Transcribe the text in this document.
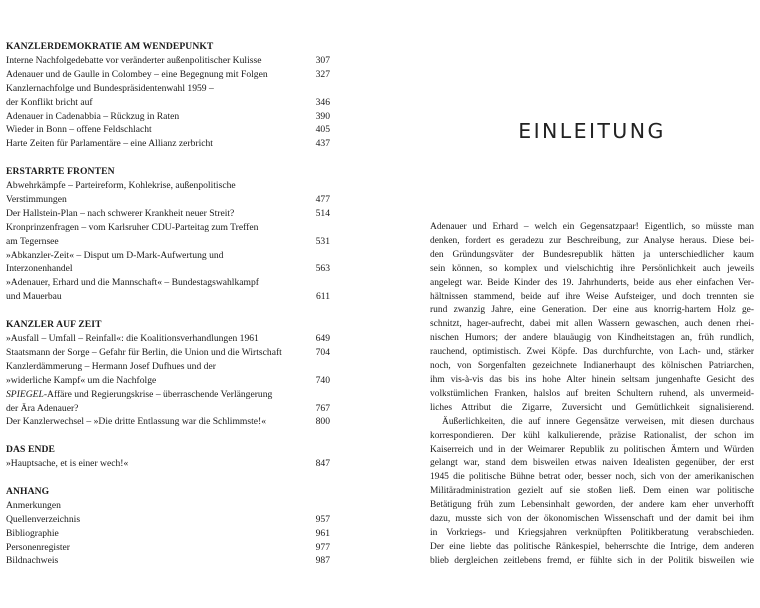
KANZLERDEMOKRATIE AM WENDEPUNKT
Interne Nachfolgedebatte vor veränderter außenpolitischer Kulisse	307
Adenauer und de Gaulle in Colombey – eine Begegnung mit Folgen	327
Kanzlernachfolge und Bundespräsidentenwahl 1959 –
der Konflikt bricht auf	346
Adenauer in Cadenabbia – Rückzug in Raten	390
Wieder in Bonn – offene Feldschlacht	405
Harte Zeiten für Parlamentäre – eine Allianz zerbricht	437
ERSTARRTE FRONTEN
Abwehrkämpfe – Parteireform, Kohlekrise, außenpolitische
Verstimmungen	477
Der Hallstein-Plan – nach schwerer Krankheit neuer Streit?	514
Kronprinzenfragen – vom Karlsruher CDU-Parteitag zum Treffen
am Tegernsee	531
»Abkanzler-Zeit« – Disput um D-Mark-Aufwertung und
Interzonenhandel	563
»Adenauer, Erhard und die Mannschaft« – Bundestagswahlkampf
und Mauerbau	611
KANZLER AUF ZEIT
»Ausfall – Umfall – Reinfall«: die Koalitionsverhandlungen 1961	649
Staatsmann der Sorge – Gefahr für Berlin, die Union und die Wirtschaft	704
Kanzlerdämmerung – Hermann Josef Dufhues und der
»widerliche Kampf« um die Nachfolge	740
SPIEGEL-Affäre und Regierungskrise – überraschende Verlängerung
der Ära Adenauer?	767
Der Kanzlerwechsel – »Die dritte Entlassung war die Schlimmste!«	800
DAS ENDE
»Hauptsache, et is einer wech!«	847
ANHANG
Anmerkungen
Quellenverzeichnis	957
Bibliographie	961
Personenregister	977
Bildnachweis	987
EINLEITUNG
Adenauer und Erhard – welch ein Gegensatzpaar! Eigentlich, so müsste man
denken, fordert es geradezu zur Beschreibung, zur Analyse heraus. Diese bei-
den Gründungsväter der Bundesrepublik hätten ja unterschiedlicher kaum
sein können, so komplex und vielschichtig ihre Persönlichkeit auch jeweils
angelegt war. Beide Kinder des 19. Jahrhunderts, beide aus eher einfachen Ver-
hältnissen stammend, beide auf ihre Weise Aufsteiger, und doch trennten sie
rund zwanzig Jahre, eine Generation. Der eine aus knorrig-hartem Holz ge-
schnitzt, hager-aufrecht, dabei mit allen Wassern gewaschen, auch denen rhei-
nischen Humors; der andere blauäugig von Kindheitstagen an, früh rundlich,
rauchend, optimistisch. Zwei Köpfe. Das durchfurchte, von Lach- und, stärker
noch, von Sorgenfalten gezeichnete Indianerhaupt des kölnischen Patriarchen,
ihm vis-à-vis das bis ins hohe Alter hinein seltsam jungenhafte Gesicht des
volkstümlichen Franken, halslos auf breiten Schultern ruhend, als unvermeid-
liches Attribut die Zigarre, Zuversicht und Gemütlichkeit signalisierend.
Äußerlichkeiten, die auf innere Gegensätze verweisen, mit diesen durchaus
korrespondieren. Der kühl kalkulierende, präzise Rationalist, der schon im
Kaiserreich und in der Weimarer Republik zu politischen Ämtern und Würden
gelangt war, stand dem bisweilen etwas naiven Idealisten gegenüber, der erst
1945 die politische Bühne betrat oder, besser noch, sich von der amerikanischen
Militäradministration gezielt auf sie stoßen ließ. Dem einen war politische
Betätigung früh zum Lebensinhalt geworden, der andere kam eher unverhofft
dazu, musste sich von der ökonomischen Wissenschaft und der damit bei ihm
in Vorkriegs- und Kriegsjahren verknüpften Politikberatung verabschieden.
Der eine liebte das politische Ränkespiel, beherrschte die Intrige, dem anderen
blieb dergleichen zeitlebens fremd, er fühlte sich in der Politik bisweilen wie
